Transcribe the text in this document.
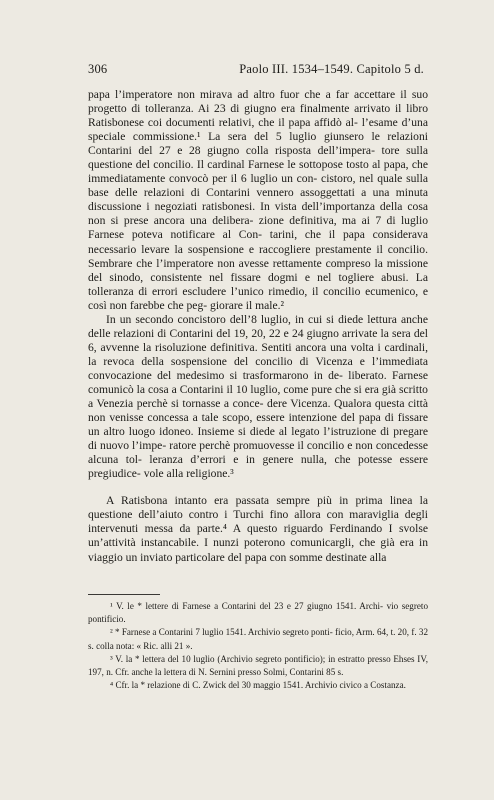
306	Paolo III. 1534–1549. Capitolo 5 d.

papa l’imperatore non mirava ad altro fuor che a far accettare il suo progetto di tolleranza. Ai 23 di giugno era finalmente arrivato il libro Ratisbonese coi documenti relativi, che il papa affidò al- l’esame d’una speciale commissione.¹ La sera del 5 luglio giunsero le relazioni Contarini del 27 e 28 giugno colla risposta dell’impera- tore sulla questione del concilio. Il cardinal Farnese le sottopose tosto al papa, che immediatamente convocò per il 6 luglio un con- cistoro, nel quale sulla base delle relazioni di Contarini vennero assoggettati a una minuta discussione i negoziati ratisbonesi. In vista dell’importanza della cosa non si prese ancora una delibera- zione definitiva, ma ai 7 di luglio Farnese poteva notificare al Con- tarini, che il papa considerava necessario levare la sospensione e raccogliere prestamente il concilio. Sembrare che l’imperatore non avesse rettamente compreso la missione del sinodo, consistente nel fissare dogmi e nel togliere abusi. La tolleranza di errori escludere l’unico rimedio, il concilio ecumenico, e così non farebbe che peg- giorare il male.²

In un secondo concistoro dell’8 luglio, in cui si diede lettura anche delle relazioni di Contarini del 19, 20, 22 e 24 giugno arrivate la sera del 6, avvenne la risoluzione definitiva. Sentiti ancora una volta i cardinali, la revoca della sospensione del concilio di Vicenza e l’immediata convocazione del medesimo si trasformarono in de- liberato. Farnese comunicò la cosa a Contarini il 10 luglio, come pure che si era già scritto a Venezia perchè si tornasse a conce- dere Vicenza. Qualora questa città non venisse concessa a tale scopo, essere intenzione del papa di fissare un altro luogo idoneo. Insieme si diede al legato l’istruzione di pregare di nuovo l’impe- ratore perchè promuovesse il concilio e non concedesse alcuna tol- leranza d’errori e in genere nulla, che potesse essere pregiudice- vole alla religione.³

A Ratisbona intanto era passata sempre più in prima linea la questione dell’aiuto contro i Turchi fino allora con maraviglia degli intervenuti messa da parte.⁴ A questo riguardo Ferdinando I svolse un’attività instancabile. I nunzi poterono comunicargli, che già era in viaggio un inviato particolare del papa con somme destinate alla

¹ V. le * lettere di Farnese a Contarini del 23 e 27 giugno 1541. Archi- vio segreto pontificio.

² * Farnese a Contarini 7 luglio 1541. Archivio segreto ponti- ficio, Arm. 64, t. 20, f. 32 s. colla nota: « Ric. alli 21 ».

³ V. la * lettera del 10 luglio (Archivio segreto pontificio); in estratto presso Ehses IV, 197, n. Cfr. anche la lettera di N. Sernini presso Solmi, Contarini 85 s.

⁴ Cfr. la * relazione di C. Zwick del 30 maggio 1541. Archivio civico a Costanza.
